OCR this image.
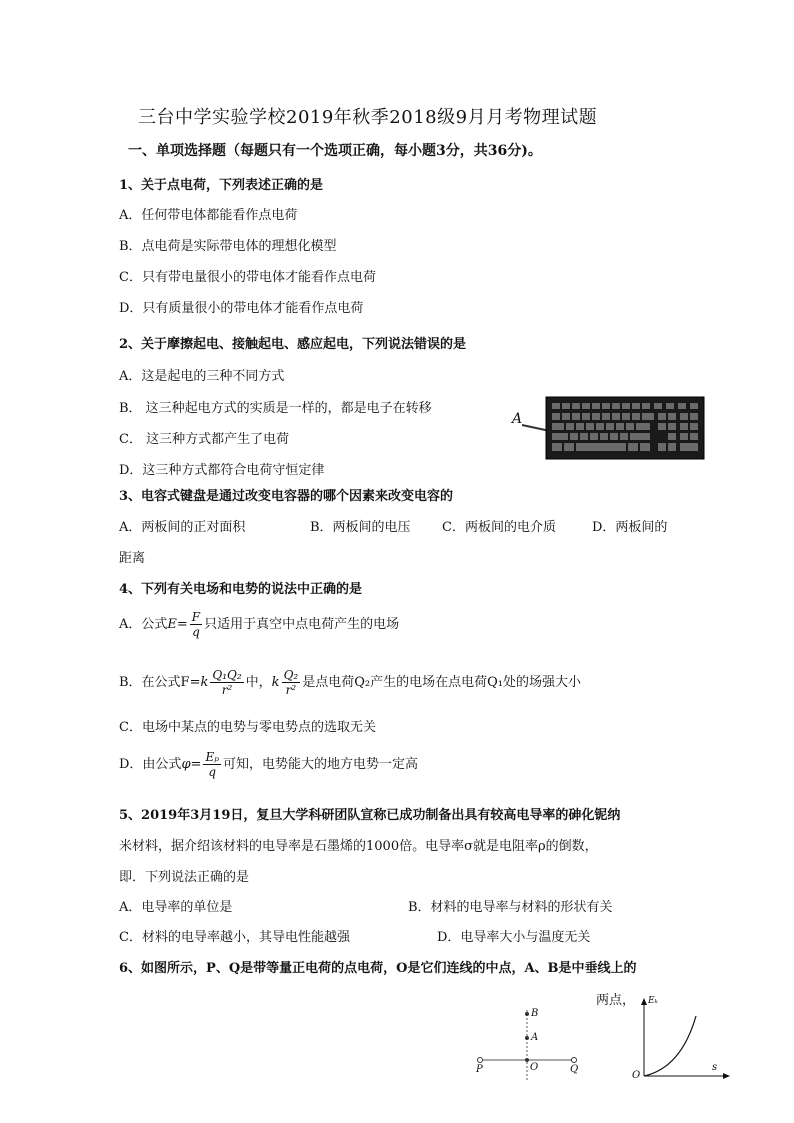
三台中学实验学校2019年秋季2018级9月月考物理试题
一、单项选择题（每题只有一个选项正确，每小题3分，共36分)。
1、关于点电荷，下列表述正确的是
A．任何带电体都能看作点电荷
B．点电荷是实际带电体的理想化模型
C．只有带电量很小的带电体才能看作点电荷
D．只有质量很小的带电体才能看作点电荷
2、关于摩擦起电、接触起电、感应起电，下列说法错误的是
A．这是起电的三种不同方式
B． 这三种起电方式的实质是一样的，都是电子在转移
C． 这三种方式都产生了电荷
D．这三种方式都符合电荷守恒定律
A
3、电容式键盘是通过改变电容器的哪个因素来改变电容的
A．两板间的正对面积	B．两板间的电压 C．两板间的电介质	D．两板间的
距离
4、下列有关电场和电势的说法中正确的是
A．公式$E= \frac{F}{q}$ 只适用于真空中点电荷产生的电场
B．在公式$F=k \frac{\text{Q₁Q₂}}{\text{r²}}$ 中，k $\frac{\text{Q₂}}{\text{r²}}$ 是点电荷Q₂产生的电场在点电荷Q₁处的场强大小
C．电场中某点的电势与零电势点的选取无关
D．由公式$\varphi= \frac{\text{Eₚ}}{q}$ 可知，电势能大的地方电势一定高
5、2019年3月19日，复旦大学科研团队宣称已成功制备出具有较高电导率的砷化铌纳
米材料，据介绍该材料的电导率是石墨烯的1000倍。电导率σ就是电阻率ρ的倒数，
即．下列说法正确的是
A．电导率的单位是	B．材料的电导率与材料的形状有关
C．材料的电导率越小，其导电性能越强	D．电导率大小与温度无关
6、如图所示，P、Q是带等量正电荷的点电荷，O是它们连线的中点，A、B是中垂线上的
两点，
B
A
P	O	Q
Eₖ
O
s
